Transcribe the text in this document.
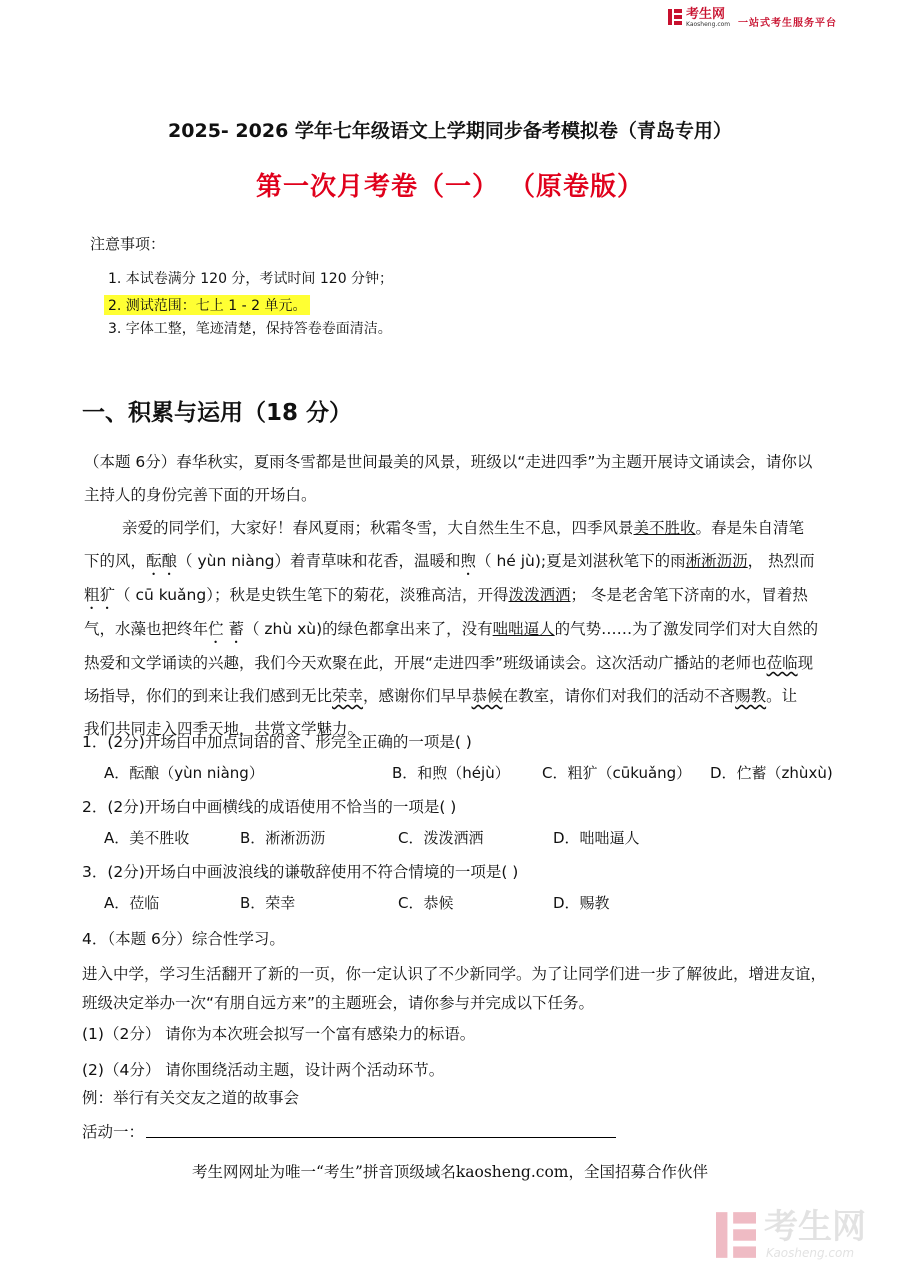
考生网
Kaosheng.com 一站式考生服务平台
2025- 2026 学年七年级语文上学期同步备考模拟卷（青岛专用）
第一次月考卷（一） （原卷版）
注意事项：
1. 本试卷满分 120 分，考试时间 120 分钟；
2. 测试范围：七上 1 - 2 单元。
3. 字体工整，笔迹清楚，保持答卷卷面清洁。
一、积累与运用（18 分）
（本题 6分）春华秋实，夏雨冬雪都是世间最美的风景，班级以“走进四季”为主题开展诗文诵读会，请你以
主持人的身份完善下面的开场白。
亲爱的同学们，大家好！春风夏雨；秋霜冬雪，大自然生生不息，四季风景美不胜收。春是朱自清笔
下的风，酝酿（ yùn niàng）着青草味和花香，温暖和煦（ hé jù);夏是刘湛秋笔下的雨淅淅沥沥， 热烈而
粗犷（ cū kuǎng）；秋是史铁生笔下的菊花，淡雅高洁，开得泼泼洒洒； 冬是老舍笔下济南的水，冒着热
气，水藻也把终年伫 蓄（ zhù xù)的绿色都拿出来了，没有咄咄逼人的气势……为了激发同学们对大自然的
热爱和文学诵读的兴趣，我们今天欢聚在此，开展“走进四季”班级诵读会。这次活动广播站的老师也莅临现
场指导，你们的到来让我们感到无比荣幸，感谢你们早早恭候在教室，请你们对我们的活动不吝赐教。让
我们共同走入四季天地，共赏文学魅力。
1．(2分)开场白中加点词语的音、形完全正确的一项是( )
A．酝酿（yùn niàng）	B．和煦（héjù） C．粗犷（cūkuǎng） D．伫蓄（zhùxù)
2．(2分)开场白中画横线的成语使用不恰当的一项是( )
A．美不胜收	B．淅淅沥沥	C．泼泼洒洒	D．咄咄逼人
3．(2分)开场白中画波浪线的谦敬辞使用不符合情境的一项是( )
A．莅临	B．荣幸	C．恭候	D．赐教
4．（本题 6分）综合性学习。
进入中学，学习生活翻开了新的一页，你一定认识了不少新同学。为了让同学们进一步了解彼此，增进友谊，
班级决定举办一次“有朋自远方来”的主题班会，请你参与并完成以下任务。
(1)（2分） 请你为本次班会拟写一个富有感染力的标语。
(2)（4分） 请你围绕活动主题，设计两个活动环节。
例：举行有关交友之道的故事会
活动一：
考生网网址为唯一“考生”拼音顶级域名kaosheng.com，全国招募合作伙伴
考生网
Kaosheng.com
